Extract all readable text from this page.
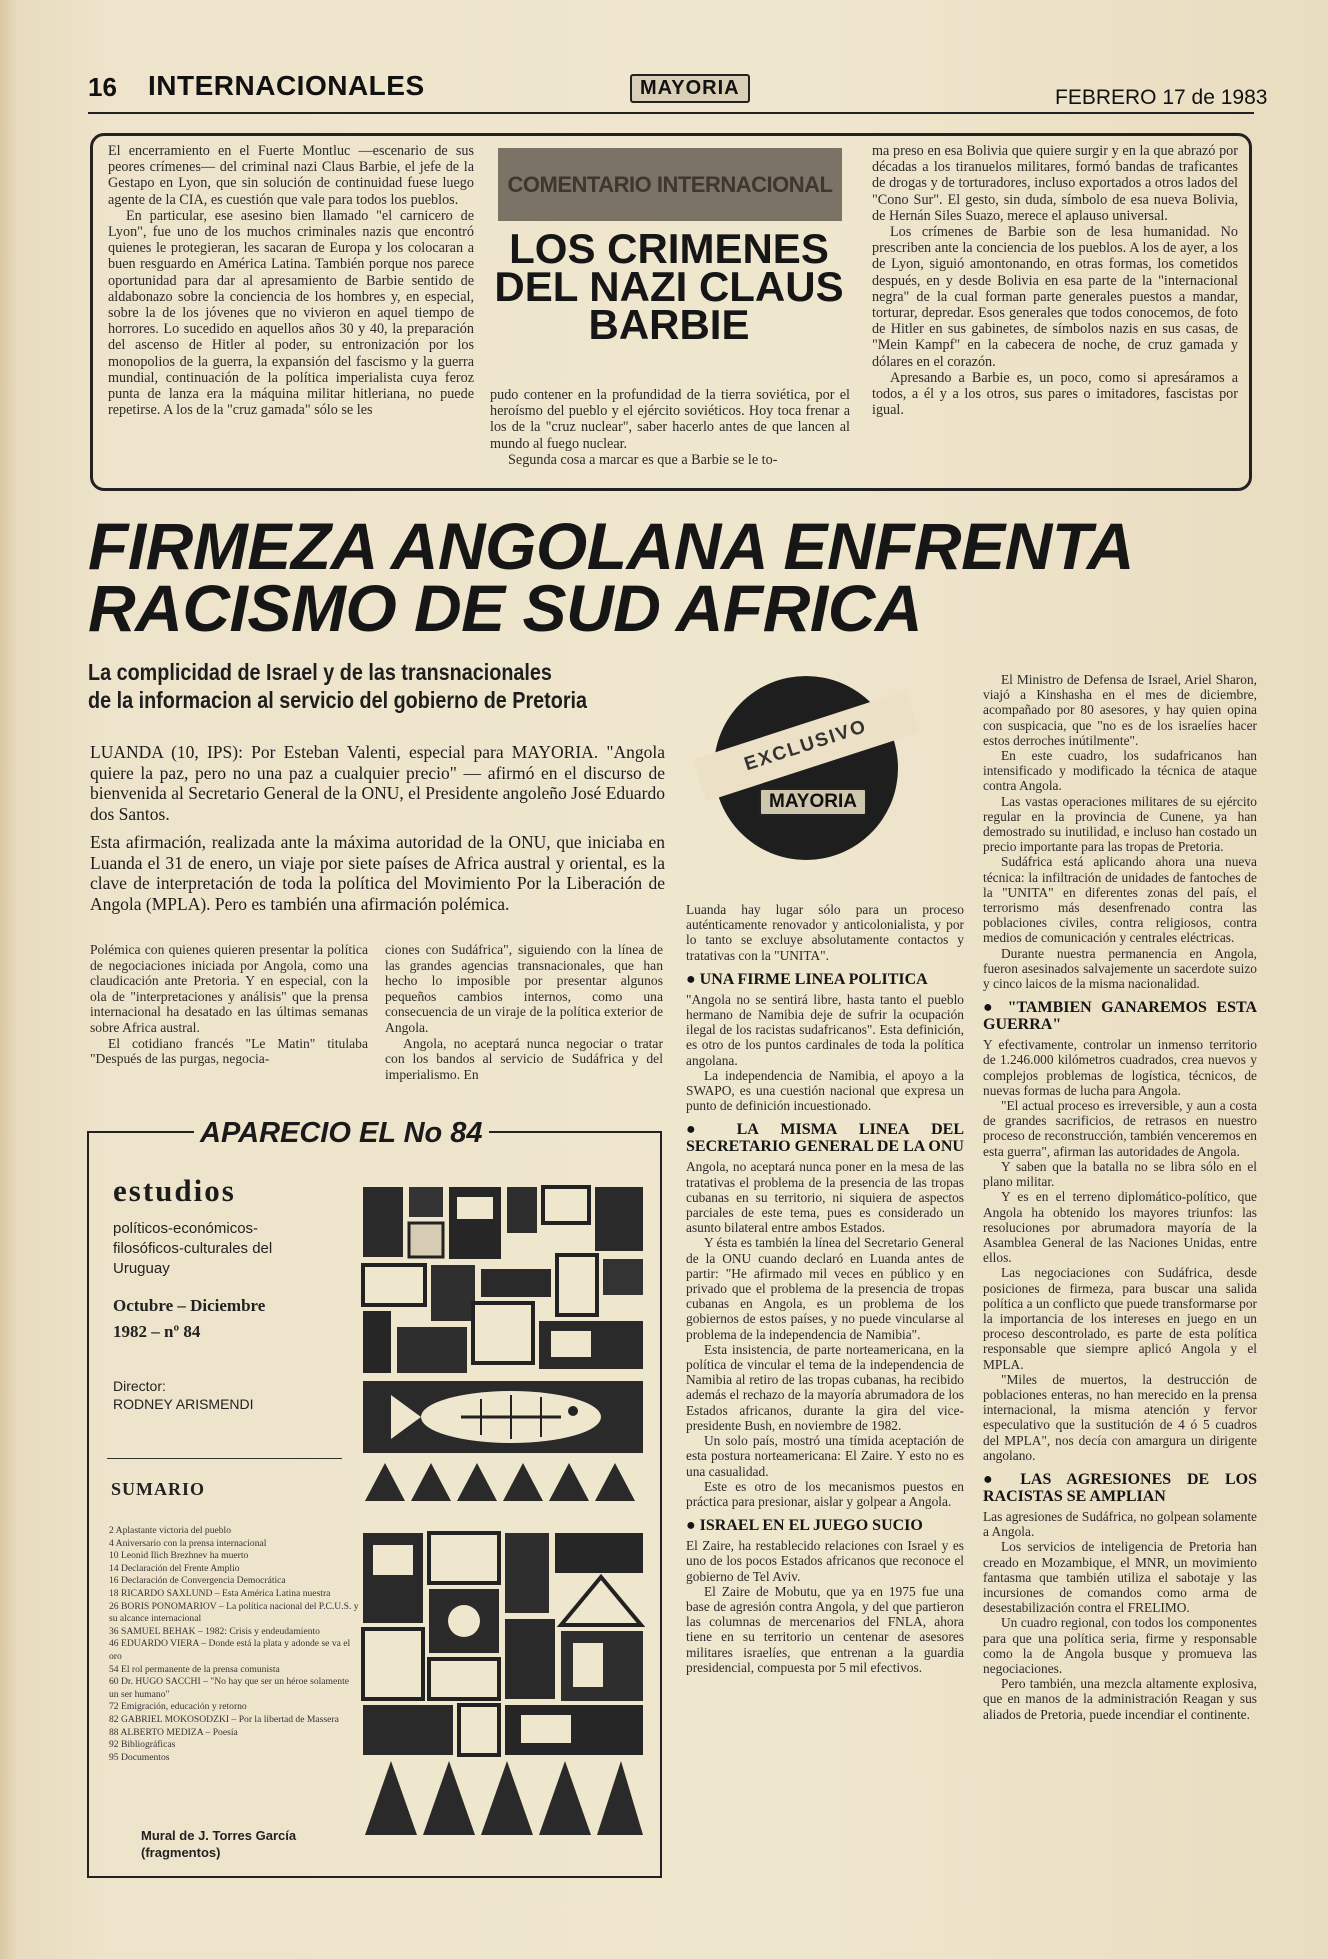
16 INTERNACIONALES	MAYORIA	FEBRERO 17 de 1983

El encerramiento en el Fuerte Montluc —escenario de sus peores crímenes— del criminal nazi Claus Barbie, el jefe de la Gestapo en Lyon, que sin solución de continuidad fuese luego agente de la CIA, es cuestión que vale para todos los pueblos.

En particular, ese asesino bien llamado "el carnicero de Lyon", fue uno de los muchos criminales nazis que encontró quienes le protegieran, les sacaran de Europa y los colocaran a buen resguardo en América Latina. También porque nos parece oportunidad para dar al apresamiento de Barbie sentido de aldabonazo sobre la conciencia de los hombres y, en especial, sobre la de los jóvenes que no vivieron en aquel tiempo de horrores. Lo sucedido en aquellos años 30 y 40, la preparación del ascenso de Hitler al poder, su entronización por los monopolios de la guerra, la expansión del fascismo y la guerra mundial, continuación de la política imperialista cuya feroz punta de lanza era la máquina militar hitleriana, no puede repetirse. A los de la "cruz gamada" sólo se les

COMENTARIO INTERNACIONAL
LOS CRIMENES DEL NAZI CLAUS BARBIE

pudo contener en la profundidad de la tierra soviética, por el heroísmo del pueblo y el ejército soviéticos. Hoy toca frenar a los de la "cruz nuclear", saber hacerlo antes de que lancen al mundo al fuego nuclear.

Segunda cosa a marcar es que a Barbie se le to-

ma preso en esa Bolivia que quiere surgir y en la que abrazó por décadas a los tiranuelos militares, formó bandas de traficantes de drogas y de torturadores, incluso exportados a otros lados del "Cono Sur". El gesto, sin duda, símbolo de esa nueva Bolivia, de Hernán Siles Suazo, merece el aplauso universal.

Los crímenes de Barbie son de lesa humanidad. No prescriben ante la conciencia de los pueblos. A los de ayer, a los de Lyon, siguió amontonando, en otras formas, los cometidos después, en y desde Bolivia en esa parte de la "internacional negra" de la cual forman parte generales puestos a mandar, torturar, depredar. Esos generales que todos conocemos, de foto de Hitler en sus gabinetes, de símbolos nazis en sus casas, de "Mein Kampf" en la cabecera de noche, de cruz gamada y dólares en el corazón.

Apresando a Barbie es, un poco, como si apresáramos a todos, a él y a los otros, sus pares o imitadores, fascistas por igual.

FIRMEZA ANGOLANA ENFRENTA
RACISMO DE SUD AFRICA
La complicidad de Israel y de las transnacionales
de la informacion al servicio del gobierno de Pretoria

LUANDA (10, IPS): Por Esteban Valenti, especial para MAYORIA. "Angola quiere la paz, pero no una paz a cualquier precio" — afirmó en el discurso de bienvenida al Secretario General de la ONU, el Presidente angoleño José Eduardo dos Santos.

Esta afirmación, realizada ante la máxima autoridad de la ONU, que iniciaba en Luanda el 31 de enero, un viaje por siete países de Africa austral y oriental, es la clave de interpretación de toda la política del Movimiento Por la Liberación de Angola (MPLA). Pero es también una afirmación polémica.

EXCLUSIVO
MAYORIA

Polémica con quienes quieren presentar la política de negociaciones iniciada por Angola, como una claudicación ante Pretoria. Y en especial, con la ola de "interpretaciones y análisis" que la prensa internacional ha desatado en las últimas semanas sobre Africa austral.

El cotidiano francés "Le Matin" titulaba "Después de las purgas, negocia-

ciones con Sudáfrica", siguiendo con la línea de las grandes agencias transnacionales, que han hecho lo imposible por presentar algunos pequeños cambios internos, como una consecuencia de un viraje de la política exterior de Angola.

Angola, no aceptará nunca negociar o tratar con los bandos al servicio de Sudáfrica y del imperialismo. En

Luanda hay lugar sólo para un proceso auténticamente renovador y anticolonialista, y por lo tanto se excluye absolutamente contactos y tratativas con la "UNITA".

● UNA FIRME LINEA POLITICA

"Angola no se sentirá libre, hasta tanto el pueblo hermano de Namibia deje de sufrir la ocupación ilegal de los racistas sudafricanos". Esta definición, es otro de los puntos cardinales de toda la política angolana.

La independencia de Namibia, el apoyo a la SWAPO, es una cuestión nacional que expresa un punto de definición incuestionado.

● LA MISMA LINEA DEL SECRETARIO GENERAL DE LA ONU

Angola, no aceptará nunca poner en la mesa de las tratativas el problema de la presencia de las tropas cubanas en su territorio, ni siquiera de aspectos parciales de este tema, pues es considerado un asunto bilateral entre ambos Estados.

Y ésta es también la línea del Secretario General de la ONU cuando declaró en Luanda antes de partir: "He afirmado mil veces en público y en privado que el problema de la presencia de tropas cubanas en Angola, es un problema de los gobiernos de estos países, y no puede vincularse al problema de la independencia de Namibia".

Esta insistencia, de parte norteamericana, en la política de vincular el tema de la independencia de Namibia al retiro de las tropas cubanas, ha recibido además el rechazo de la mayoría abrumadora de los Estados africanos, durante la gira del vice-presidente Bush, en noviembre de 1982.

Un solo país, mostró una tímida aceptación de esta postura norteamericana: El Zaire. Y esto no es una casualidad.

Este es otro de los mecanismos puestos en práctica para presionar, aislar y golpear a Angola.

● ISRAEL EN EL JUEGO SUCIO

El Zaire, ha restablecido relaciones con Israel y es uno de los pocos Estados africanos que reconoce el gobierno de Tel Aviv.

El Zaire de Mobutu, que ya en 1975 fue una base de agresión contra Angola, y del que partieron las columnas de mercenarios del FNLA, ahora tiene en su territorio un centenar de asesores militares israelíes, que entrenan a la guardia presidencial, compuesta por 5 mil efectivos.

El Ministro de Defensa de Israel, Ariel Sharon, viajó a Kinshasha en el mes de diciembre, acompañado por 80 asesores, y hay quien opina con suspicacia, que "no es de los israelíes hacer estos derroches inútilmente".

En este cuadro, los sudafricanos han intensificado y modificado la técnica de ataque contra Angola.

Las vastas operaciones militares de su ejército regular en la provincia de Cunene, ya han demostrado su inutilidad, e incluso han costado un precio importante para las tropas de Pretoria.

Sudáfrica está aplicando ahora una nueva técnica: la infiltración de unidades de fantoches de la "UNITA" en diferentes zonas del país, el terrorismo más desenfrenado contra las poblaciones civiles, contra religiosos, contra medios de comunicación y centrales eléctricas.

Durante nuestra permanencia en Angola, fueron asesinados salvajemente un sacerdote suizo y cinco laicos de la misma nacionalidad.

● "TAMBIEN GANAREMOS ESTA GUERRA"

Y efectivamente, controlar un inmenso territorio de 1.246.000 kilómetros cuadrados, crea nuevos y complejos problemas de logística, técnicos, de nuevas formas de lucha para Angola.

"El actual proceso es irreversible, y aun a costa de grandes sacrificios, de retrasos en nuestro proceso de reconstrucción, también venceremos en esta guerra", afirman las autoridades de Angola.

Y saben que la batalla no se libra sólo en el plano militar.

Y es en el terreno diplomático-político, que Angola ha obtenido los mayores triunfos: las resoluciones por abrumadora mayoría de la Asamblea General de las Naciones Unidas, entre ellos.

Las negociaciones con Sudáfrica, desde posiciones de firmeza, para buscar una salida política a un conflicto que puede transformarse por la importancia de los intereses en juego en un proceso descontrolado, es parte de esta política responsable que siempre aplicó Angola y el MPLA.

"Miles de muertos, la destrucción de poblaciones enteras, no han merecido en la prensa internacional, la misma atención y fervor especulativo que la sustitución de 4 ó 5 cuadros del MPLA", nos decía con amargura un dirigente angolano.

● LAS AGRESIONES DE LOS RACISTAS SE AMPLIAN

Las agresiones de Sudáfrica, no golpean solamente a Angola.

Los servicios de inteligencia de Pretoria han creado en Mozambique, el MNR, un movimiento fantasma que también utiliza el sabotaje y las incursiones de comandos como arma de desestabilización contra el FRELIMO.

Un cuadro regional, con todos los componentes para que una política seria, firme y responsable como la de Angola busque y promueva las negociaciones.

Pero también, una mezcla altamente explosiva, que en manos de la administración Reagan y sus aliados de Pretoria, puede incendiar el continente.

APARECIO EL No 84
estudios
políticos-económicos-filosóficos-culturales del Uruguay
Octubre – Diciembre
1982 – nº 84
Director:
RODNEY ARISMENDI
SUMARIO
2 Aplastante victoria del pueblo
4 Aniversario con la prensa internacional
10 Leonid Ilich Brezhnev ha muerto
14 Declaración del Frente Amplio
16 Declaración de Convergencia Democrática
18 RICARDO SAXLUND – Esta América Latina nuestra
26 BORIS PONOMARIOV – La política nacional del P.C.U.S. y su alcance internacional
36 SAMUEL BEHAK – 1982: Crisis y endeudamiento
46 EDUARDO VIERA – Donde está la plata y adonde se va el oro
54 El rol permanente de la prensa comunista
60 Dr. HUGO SACCHI – "No hay que ser un héroe solamente un ser humano"
72 Emigración, educación y retorno
82 GABRIEL MOKOSODZKI – Por la libertad de Massera
88 ALBERTO MEDIZA – Poesía
92 Bibliográficas
95 Documentos
Mural de J. Torres García
(fragmentos)
